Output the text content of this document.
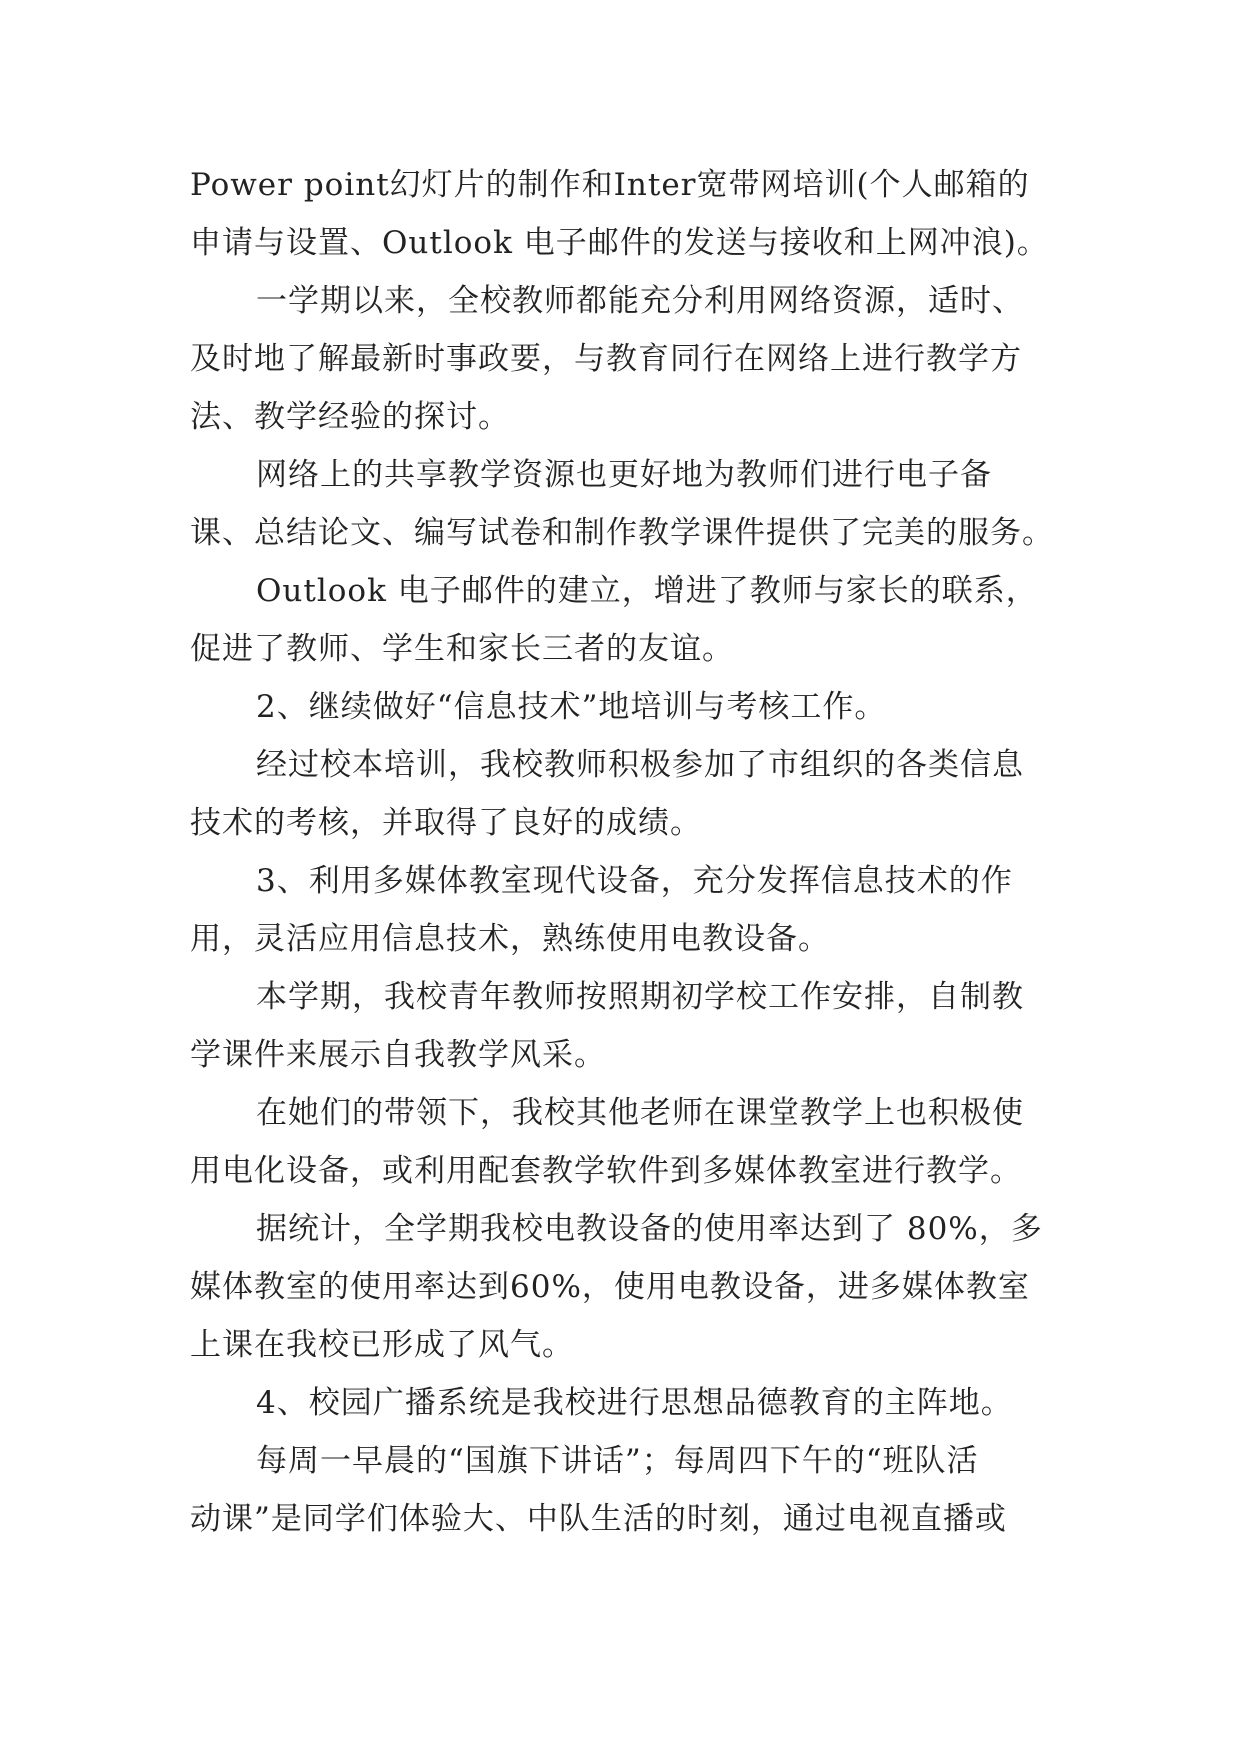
Power point幻灯片的制作和Inter宽带网培训(个人邮箱的
申请与设置、Outlook 电子邮件的发送与接收和上网冲浪)。
一学期以来，全校教师都能充分利用网络资源，适时、
及时地了解最新时事政要，与教育同行在网络上进行教学方
法、教学经验的探讨。
网络上的共享教学资源也更好地为教师们进行电子备
课、总结论文、编写试卷和制作教学课件提供了完美的服务。
Outlook 电子邮件的建立，增进了教师与家长的联系，
促进了教师、学生和家长三者的友谊。
2、继续做好“信息技术”地培训与考核工作。
经过校本培训，我校教师积极参加了市组织的各类信息
技术的考核，并取得了良好的成绩。
3、利用多媒体教室现代设备，充分发挥信息技术的作
用，灵活应用信息技术，熟练使用电教设备。
本学期，我校青年教师按照期初学校工作安排，自制教
学课件来展示自我教学风采。
在她们的带领下，我校其他老师在课堂教学上也积极使
用电化设备，或利用配套教学软件到多媒体教室进行教学。
据统计，全学期我校电教设备的使用率达到了 80%，多
媒体教室的使用率达到60%，使用电教设备，进多媒体教室
上课在我校已形成了风气。
4、校园广播系统是我校进行思想品德教育的主阵地。
每周一早晨的“国旗下讲话”；每周四下午的“班队活
动课”是同学们体验大、中队生活的时刻，通过电视直播或
